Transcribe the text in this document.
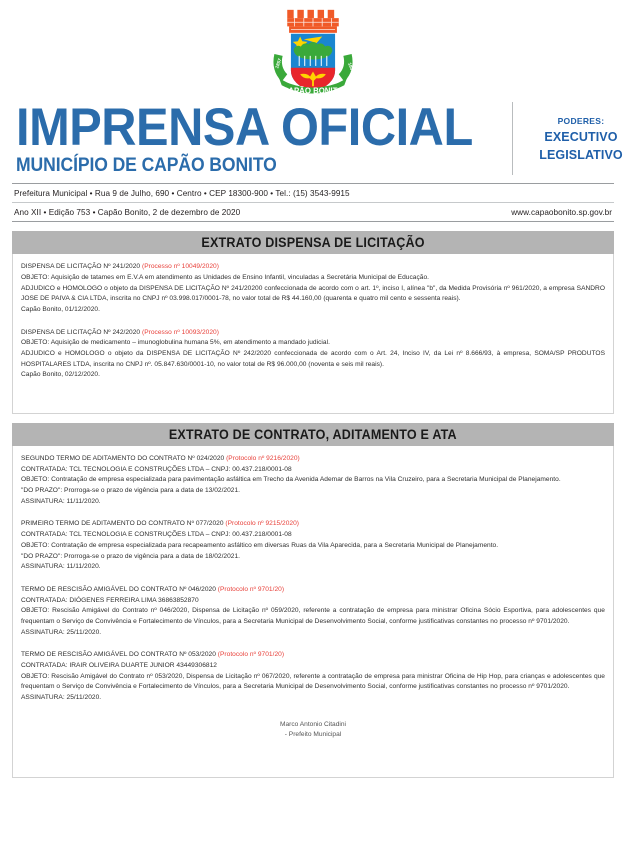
CAPÃO BONITO
1857	1857
IMPRENSA OFICIAL
MUNICÍPIO DE CAPÃO BONITO
PODERES:
EXECUTIVO
LEGISLATIVO
Prefeitura Municipal • Rua 9 de Julho, 690 • Centro • CEP 18300-900 • Tel.: (15) 3543-9915
Ano XII • Edição 753 • Capão Bonito, 2 de dezembro de 2020	www.capaobonito.sp.gov.br
EXTRATO DISPENSA DE LICITAÇÃO

DISPENSA DE LICITAÇÃO Nº 241/2020 (Processo nº 10049/2020)

OBJETO: Aquisição de tatames em E.V.A em atendimento as Unidades de Ensino Infantil, vinculadas a Secretária Municipal de Educação.

ADJUDICO e HOMOLOGO o objeto da DISPENSA DE LICITAÇÃO Nº 241/20200 confeccionada de acordo com o art. 1º, inciso I, alínea "b", da Medida Provisória nº 961/2020, a empresa SANDRO JOSE DE PAIVA & CIA LTDA, inscrita no CNPJ nº 03.998.017/0001-78, no valor total de R$ 44.160,00 (quarenta e quatro mil cento e sessenta reais).

Capão Bonito, 01/12/2020.

DISPENSA DE LICITAÇÃO Nº 242/2020 (Processo nº 10093/2020)

OBJETO: Aquisição de medicamento – imunoglobulina humana 5%, em atendimento a mandado judicial.

ADJUDICO e HOMOLOGO o objeto da DISPENSA DE LICITAÇÃO Nº 242/2020 confeccionada de acordo com o Art. 24, Inciso IV, da Lei nº 8.666/93, à empresa, SOMA/SP PRODUTOS HOSPITALARES LTDA, inscrita no CNPJ nº. 05.847.630/0001-10, no valor total de R$ 96.000,00 (noventa e seis mil reais).

Capão Bonito, 02/12/2020.

EXTRATO DE CONTRATO, ADITAMENTO E ATA

SEGUNDO TERMO DE ADITAMENTO DO CONTRATO Nº 024/2020 (Protocolo nº 9216/2020)

CONTRATADA: TCL TECNOLOGIA E CONSTRUÇÕES LTDA – CNPJ: 00.437.218/0001-08

OBJETO: Contratação de empresa especializada para pavimentação asfáltica em Trecho da Avenida Ademar de Barros na Vila Cruzeiro, para a Secretaria Municipal de Planejamento.

"DO PRAZO": Prorroga-se o prazo de vigência para a data de 13/02/2021.

ASSINATURA: 11/11/2020.

PRIMEIRO TERMO DE ADITAMENTO DO CONTRATO Nº 077/2020 (Protocolo nº 9215/2020)

CONTRATADA: TCL TECNOLOGIA E CONSTRUÇÕES LTDA – CNPJ: 00.437.218/0001-08

OBJETO: Contratação de empresa especializada para recapeamento asfáltico em diversas Ruas da Vila Aparecida, para a Secretaria Municipal de Planejamento.

"DO PRAZO": Prorroga-se o prazo de vigência para a data de 18/02/2021.

ASSINATURA: 11/11/2020.

TERMO DE RESCISÃO AMIGÁVEL DO CONTRATO Nº 046/2020 (Protocolo nº 9701/20)

CONTRATADA: DIÓGENES FERREIRA LIMA 36863852870

OBJETO: Rescisão Amigável do Contrato nº 046/2020, Dispensa de Licitação nº 059/2020, referente a contratação de empresa para ministrar Oficina Sócio Esportiva, para adolescentes que frequentam o Serviço de Convivência e Fortalecimento de Vínculos, para a Secretaria Municipal de Desenvolvimento Social, conforme justificativas constantes no processo nº 9701/2020.

ASSINATURA: 25/11/2020.

TERMO DE RESCISÃO AMIGÁVEL DO CONTRATO Nº 053/2020 (Protocolo nº 9701/20)

CONTRATADA: IRAIR OLIVEIRA DUARTE JUNIOR 43449306812

OBJETO: Rescisão Amigável do Contrato nº 053/2020, Dispensa de Licitação nº 067/2020, referente a contratação de empresa para ministrar Oficina de Hip Hop, para crianças e adolescentes que frequentam o Serviço de Convivência e Fortalecimento de Vínculos, para a Secretaria Municipal de Desenvolvimento Social, conforme justificativas constantes no processo nº 9701/2020.

ASSINATURA: 25/11/2020.

Marco Antonio Citadini
- Prefeito Municipal
